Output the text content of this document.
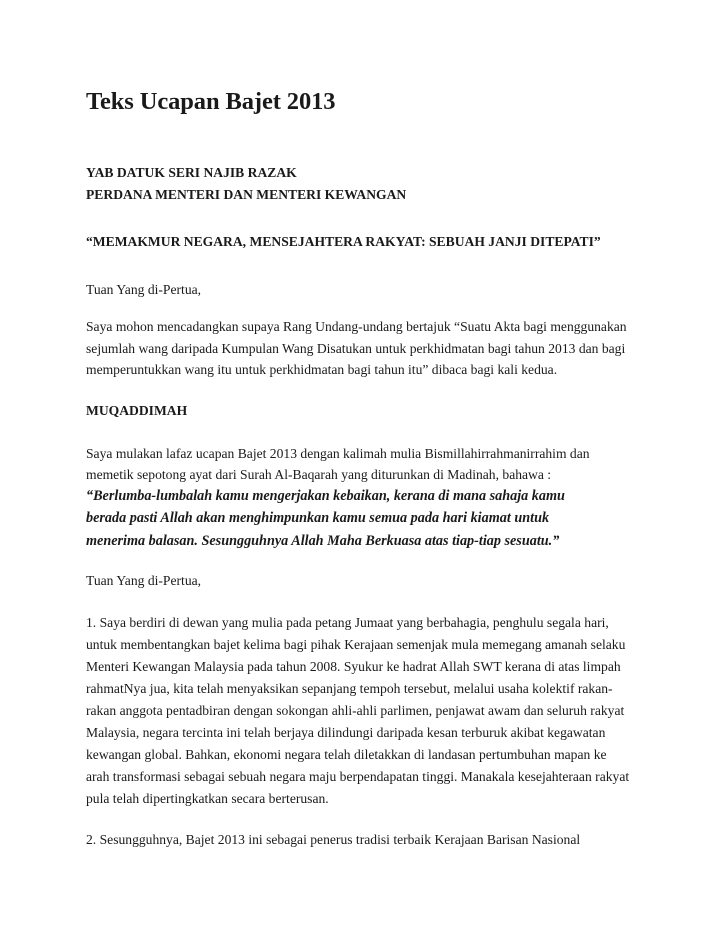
Teks Ucapan Bajet 2013

YAB DATUK SERI NAJIB RAZAK

PERDANA MENTERI DAN MENTERI KEWANGAN

“MEMAKMUR NEGARA, MENSEJAHTERA RAKYAT: SEBUAH JANJI DITEPATI”

Tuan Yang di-Pertua,

Saya mohon mencadangkan supaya Rang Undang-undang bertajuk “Suatu Akta bagi menggunakan

sejumlah wang daripada Kumpulan Wang Disatukan untuk perkhidmatan bagi tahun 2013 dan bagi

memperuntukkan wang itu untuk perkhidmatan bagi tahun itu” dibaca bagi kali kedua.

MUQADDIMAH

Saya mulakan lafaz ucapan Bajet 2013 dengan kalimah mulia Bismillahirrahmanirrahim dan

memetik sepotong ayat dari Surah Al-Baqarah yang diturunkan di Madinah, bahawa :

“Berlumba-lumbalah kamu mengerjakan kebaikan, kerana di mana sahaja kamu

berada pasti Allah akan menghimpunkan kamu semua pada hari kiamat untuk

menerima balasan. Sesungguhnya Allah Maha Berkuasa atas tiap-tiap sesuatu.”

Tuan Yang di-Pertua,

1. Saya berdiri di dewan yang mulia pada petang Jumaat yang berbahagia, penghulu segala hari,

untuk membentangkan bajet kelima bagi pihak Kerajaan semenjak mula memegang amanah selaku

Menteri Kewangan Malaysia pada tahun 2008. Syukur ke hadrat Allah SWT kerana di atas limpah

rahmatNya jua, kita telah menyaksikan sepanjang tempoh tersebut, melalui usaha kolektif rakan-

rakan anggota pentadbiran dengan sokongan ahli-ahli parlimen, penjawat awam dan seluruh rakyat

Malaysia, negara tercinta ini telah berjaya dilindungi daripada kesan terburuk akibat kegawatan

kewangan global. Bahkan, ekonomi negara telah diletakkan di landasan pertumbuhan mapan ke

arah transformasi sebagai sebuah negara maju berpendapatan tinggi. Manakala kesejahteraan rakyat

pula telah dipertingkatkan secara berterusan.

2. Sesungguhnya, Bajet 2013 ini sebagai penerus tradisi terbaik Kerajaan Barisan Nasional
